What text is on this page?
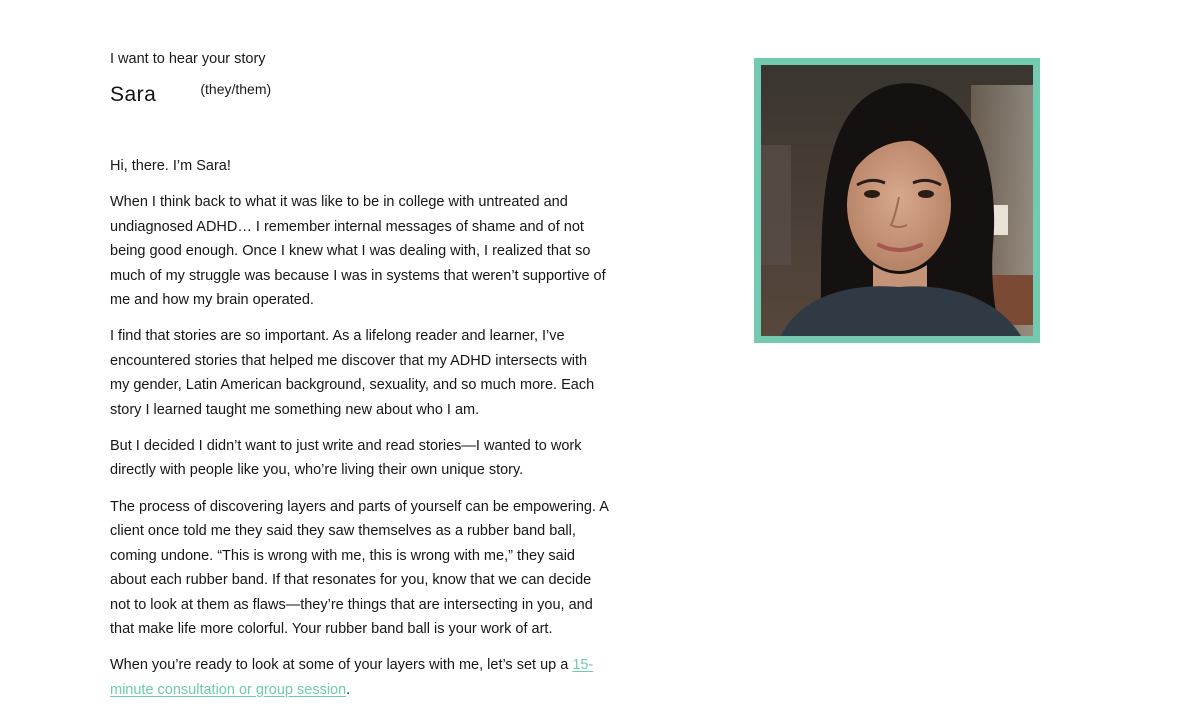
I want to hear your story

Sara	(they/them)

Hi, there. I’m Sara!

When I think back to what it was like to be in college with untreated and undiagnosed ADHD… I remember internal messages of shame and of not being good enough. Once I knew what I was dealing with, I realized that so much of my struggle was because I was in systems that weren’t supportive of me and how my brain operated.

I find that stories are so important. As a lifelong reader and learner, I’ve encountered stories that helped me discover that my ADHD intersects with my gender, Latin American background, sexuality, and so much more. Each story I learned taught me something new about who I am.

But I decided I didn’t want to just write and read stories—I wanted to work directly with people like you, who’re living their own unique story.

The process of discovering layers and parts of yourself can be empowering. A client once told me they said they saw themselves as a rubber band ball, coming undone. “This is wrong with me, this is wrong with me,” they said about each rubber band. If that resonates for you, know that we can decide not to look at them as flaws—they’re things that are intersecting in you, and that make life more colorful. Your rubber band ball is your work of art.

When you’re ready to look at some of your layers with me, let’s set up a 15-minute consultation or group session.
